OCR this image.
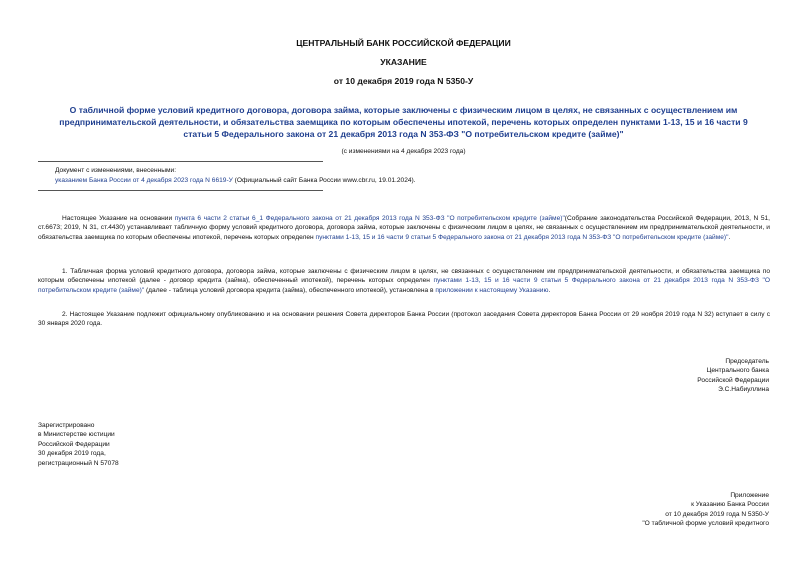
ЦЕНТРАЛЬНЫЙ БАНК РОССИЙСКОЙ ФЕДЕРАЦИИ
УКАЗАНИЕ
от 10 декабря 2019 года N 5350-У
О табличной форме условий кредитного договора, договора займа, которые заключены с физическим лицом в целях, не связанных с осуществлением им
предпринимательской деятельности, и обязательства заемщика по которым обеспечены ипотекой, перечень которых определен пунктами 1-13, 15 и 16 части 9
статьи 5 Федерального закона от 21 декабря 2013 года N 353-ФЗ "О потребительском кредите (займе)"
(с изменениями на 4 декабря 2023 года)
Документ с изменениями, внесенными:
указанием Банка России от 4 декабря 2023 года N 6619-У (Официальный сайт Банка России www.cbr.ru, 19.01.2024).
Настоящее Указание на основании пункта 6 части 2 статьи 6_1 Федерального закона от 21 декабря 2013 года N 353-ФЗ "О потребительском кредите (займе)"(Собрание законодательства Российской Федерации, 2013, N 51, ст.6673; 2019, N 31, ст.4430) устанавливает табличную форму условий кредитного договора, договора займа, которые заключены с физическим лицом в целях, не связанных с осуществлением им предпринимательской деятельности, и обязательства заемщика по которым обеспечены ипотекой, перечень которых определен пунктами 1-13, 15 и 16 части 9 статьи 5 Федерального закона от 21 декабря 2013 года N 353-ФЗ "О потребительском кредите (займе)".
1. Табличная форма условий кредитного договора, договора займа, которые заключены с физическим лицом в целях, не связанных с осуществлением им предпринимательской деятельности, и обязательства заемщика по которым обеспечены ипотекой (далее - договор кредита (займа), обеспеченный ипотекой), перечень которых определен пунктами 1-13, 15 и 16 части 9 статьи 5 Федерального закона от 21 декабря 2013 года N 353-ФЗ "О потребительском кредите (займе)" (далее - таблица условий договора кредита (займа), обеспеченного ипотекой), установлена в приложении к настоящему Указанию.
2. Настоящее Указание подлежит официальному опубликованию и на основании решения Совета директоров Банка России (протокол заседания Совета директоров Банка России от 29 ноября 2019 года N 32) вступает в силу с 30 января 2020 года.
Председатель
Центрального банка
Российской Федерации
Э.С.Набиуллина
Зарегистрировано
в Министерстве юстиции
Российской Федерации
30 декабря 2019 года,
регистрационный N 57078
Приложение
к Указанию Банка России
от 10 декабря 2019 года N 5350-У
"О табличной форме условий кредитного
